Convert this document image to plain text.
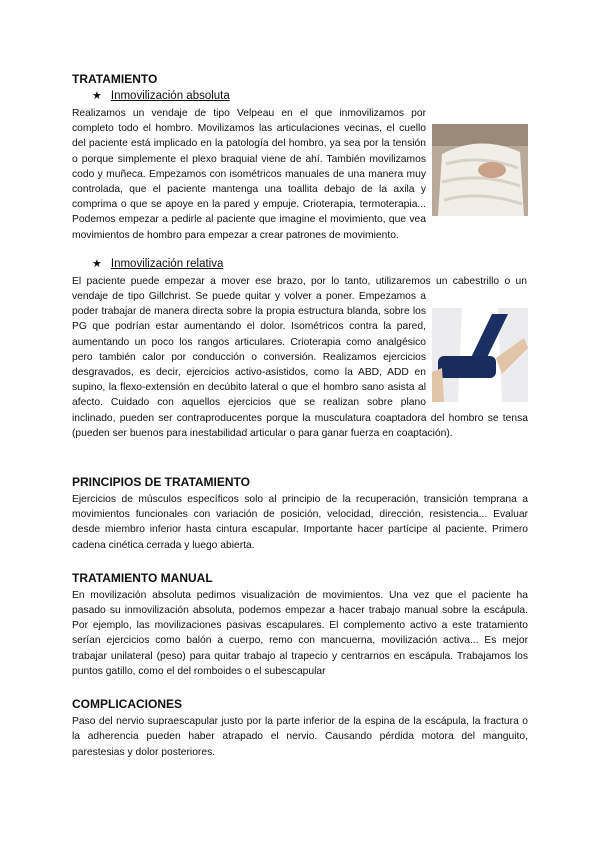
TRATAMIENTO
★ Inmovilización absoluta

Realizamos un vendaje de tipo Velpeau en el que inmovilizamos por completo todo el hombro. Movilizamos las articulaciones vecinas, el cuello del paciente está implicado en la patología del hombro, ya sea por la tensión o porque simplemente el plexo braquial viene de ahí. También movilizamos codo y muñeca. Empezamos con isométricos manuales de una manera muy controlada, que el paciente mantenga una toallita debajo de la axila y comprima o que se apoye en la pared y empuje. Crioterapia, termoterapia... Podemos empezar a pedirle al paciente que imagine el movimiento, que vea movimientos de hombro para empezar a crear patrones de movimiento.

★ Inmovilización relativa

El paciente puede empezar a mover ese brazo, por lo tanto, utilizaremos un cabestrillo o un vendaje de tipo Gillchrist. Se puede quitar y volver a poner. Empezamos a poder trabajar de manera directa sobre la propia estructura blanda, sobre los PG que podrían estar aumentando el dolor. Isométricos contra la pared, aumentando un poco los rangos articulares. Crioterapia como analgésico pero también calor por conducción o conversión. Realizamos ejercicios desgravados, es decir, ejercicios activo-asistidos, como la ABD, ADD en supino, la flexo-extensión en decúbito lateral o que el hombro sano asista al afecto. Cuidado con aquellos ejercicios que se realizan sobre plano inclinado, pueden ser contraproducentes porque la musculatura coaptadora del hombro se tensa (pueden ser buenos para inestabilidad articular o para ganar fuerza en coaptación).

PRINCIPIOS DE TRATAMIENTO

Ejercicios de músculos específicos solo al principio de la recuperación, transición temprana a movimientos funcionales con variación de posición, velocidad, dirección, resistencia... Evaluar desde miembro inferior hasta cintura escapular. Importante hacer partícipe al paciente. Primero cadena cinética cerrada y luego abierta.

TRATAMIENTO MANUAL

En movilización absoluta pedimos visualización de movimientos. Una vez que el paciente ha pasado su inmovilización absoluta, podemos empezar a hacer trabajo manual sobre la escápula. Por ejemplo, las movilizaciones pasivas escapulares. El complemento activo a este tratamiento serían ejercicios como balón a cuerpo, remo con mancuerna, movilización activa... Es mejor trabajar unilateral (peso) para quitar trabajo al trapecio y centrarnos en escápula. Trabajamos los puntos gatillo, como el del romboides o el subescapular

COMPLICACIONES

Paso del nervio supraescapular justo por la parte inferior de la espina de la escápula, la fractura o la adherencia pueden haber atrapado el nervio. Causando pérdida motora del manguito, parestesias y dolor posteriores.
